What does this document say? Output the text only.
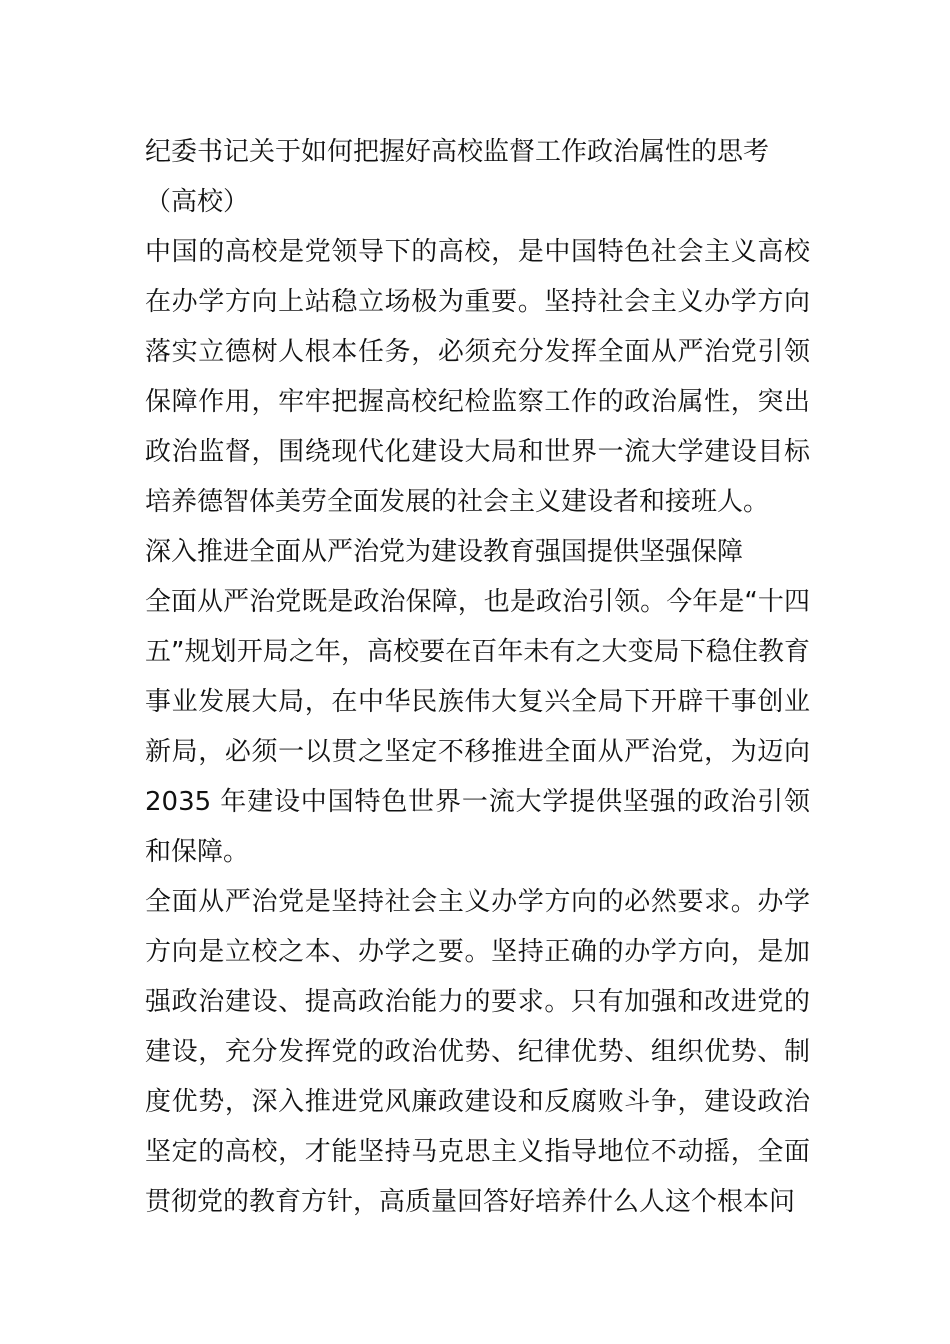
纪委书记关于如何把握好高校监督工作政治属性的思考（高校）

中国的高校是党领导下的高校，是中国特色社会主义高校在办学方向上站稳立场极为重要。坚持社会主义办学方向落实立德树人根本任务，必须充分发挥全面从严治党引领保障作用，牢牢把握高校纪检监察工作的政治属性，突出政治监督，围绕现代化建设大局和世界一流大学建设目标培养德智体美劳全面发展的社会主义建设者和接班人。

深入推进全面从严治党为建设教育强国提供坚强保障

全面从严治党既是政治保障，也是政治引领。今年是“十四五”规划开局之年，高校要在百年未有之大变局下稳住教育事业发展大局，在中华民族伟大复兴全局下开辟干事创业新局，必须一以贯之坚定不移推进全面从严治党，为迈向 2035 年建设中国特色世界一流大学提供坚强的政治引领和保障。

全面从严治党是坚持社会主义办学方向的必然要求。办学方向是立校之本、办学之要。坚持正确的办学方向，是加强政治建设、提高政治能力的要求。只有加强和改进党的建设，充分发挥党的政治优势、纪律优势、组织优势、制度优势，深入推进党风廉政建设和反腐败斗争，建设政治坚定的高校，才能坚持马克思主义指导地位不动摇，全面贯彻党的教育方针，高质量回答好培养什么人这个根本问
